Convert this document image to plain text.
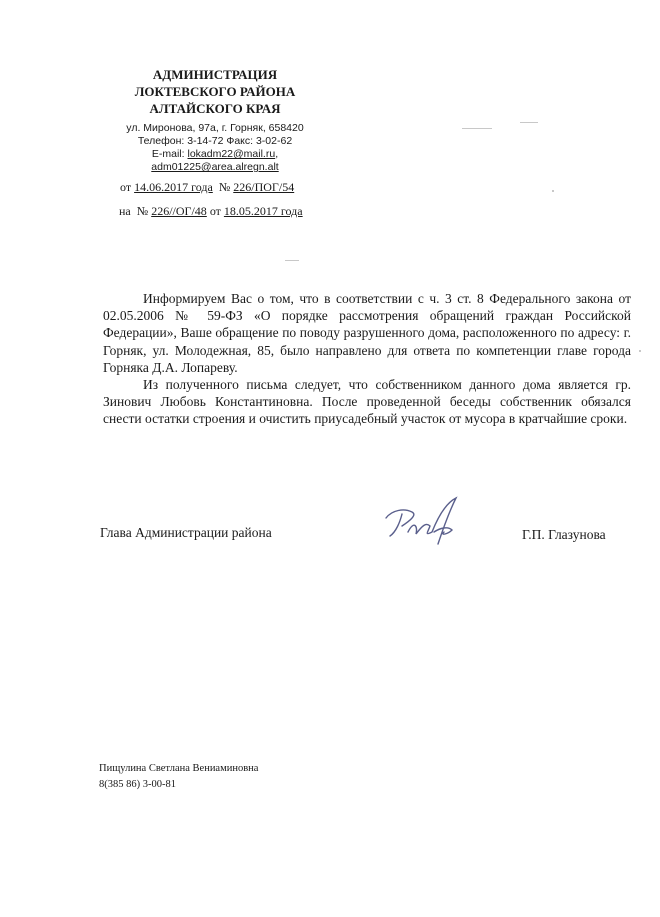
АДМИНИСТРАЦИЯ
ЛОКТЕВСКОГО РАЙОНА
АЛТАЙСКОГО КРАЯ
ул. Миронова, 97а, г. Горняк, 658420
Телефон: 3-14-72 Факс: 3-02-62
E-mail: lokadm22@mail.ru,
adm01225@area.alregn.alt
от 14.06.2017 года № 226/ПОГ/54
на № 226//ОГ/48 от 18.05.2017 года

Информируем Вас о том, что в соответствии с ч. 3 ст. 8 Федерального закона от 02.05.2006 № 59-ФЗ «О порядке рассмотрения обращений граждан Российской Федерации», Ваше обращение по поводу разрушенного дома, расположенного по адресу: г. Горняк, ул. Молодежная, 85, было направлено для ответа по компетенции главе города Горняка Д.А. Лопареву.

Из полученного письма следует, что собственником данного дома является гр. Зинович Любовь Константиновна. После проведенной беседы собственник обязался снести остатки строения и очистить приусадебный участок от мусора в кратчайшие сроки.

Глава Администрации района	Г.П. Глазунова
Пищулина Светлана Вениаминовна
8(385 86) 3-00-81
